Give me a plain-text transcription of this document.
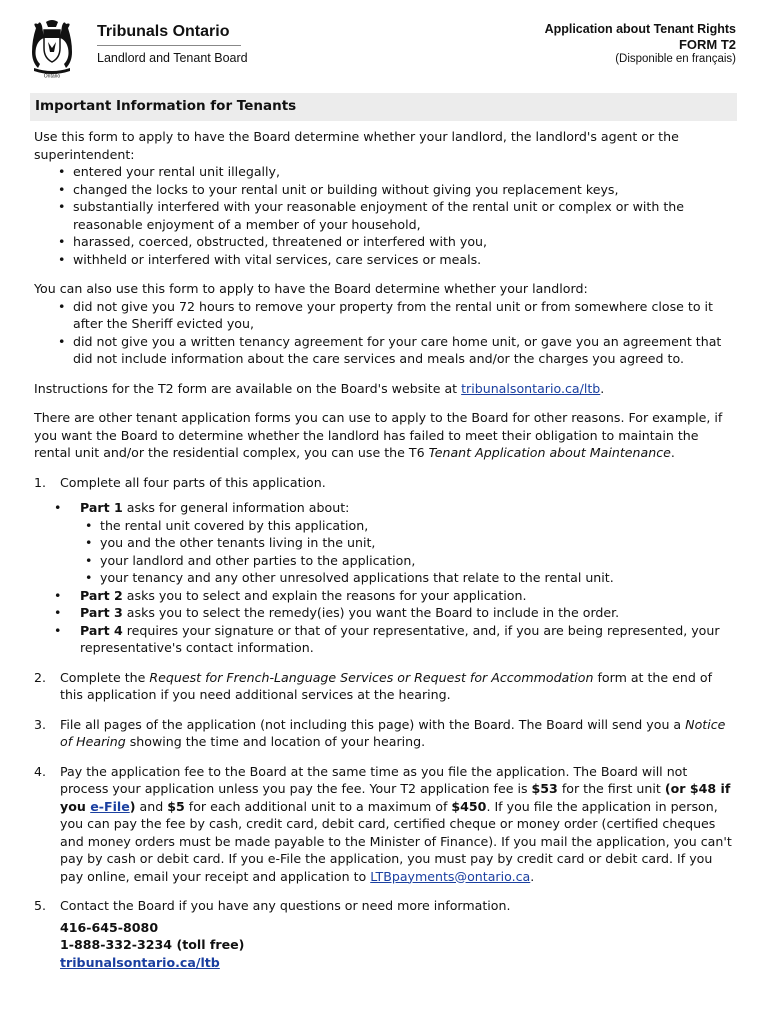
Ontario
Tribunals Ontario
Landlord and Tenant Board
Application about Tenant Rights
FORM T2
(Disponible en français)
Important Information for Tenants

Use this form to apply to have the Board determine whether your landlord, the landlord's agent or the superintendent:

• entered your rental unit illegally,
• changed the locks to your rental unit or building without giving you replacement keys,
• substantially interfered with your reasonable enjoyment of the rental unit or complex or with the reasonable enjoyment of a member of your household,
• harassed, coerced, obstructed, threatened or interfered with you,
• withheld or interfered with vital services, care services or meals.

You can also use this form to apply to have the Board determine whether your landlord:

• did not give you 72 hours to remove your property from the rental unit or from somewhere close to it after the Sheriff evicted you,
• did not give you a written tenancy agreement for your care home unit, or gave you an agreement that did not include information about the care services and meals and/or the charges you agreed to.

Instructions for the T2 form are available on the Board's website at tribunalsontario.ca/ltb.

There are other tenant application forms you can use to apply to the Board for other reasons. For example, if you want the Board to determine whether the landlord has failed to meet their obligation to maintain the rental unit and/or the residential complex, you can use the T6 Tenant Application about Maintenance.

1. Complete all four parts of this application.
• Part 1 asks for general information about:
• the rental unit covered by this application,
• you and the other tenants living in the unit,
• your landlord and other parties to the application,
• your tenancy and any other unresolved applications that relate to the rental unit.
• Part 2 asks you to select and explain the reasons for your application.
• Part 3 asks you to select the remedy(ies) you want the Board to include in the order.
• Part 4 requires your signature or that of your representative, and, if you are being represented, your representative's contact information.
2. Complete the Request for French-Language Services or Request for Accommodation form at the end of this application if you need additional services at the hearing.
3. File all pages of the application (not including this page) with the Board. The Board will send you a Notice of Hearing showing the time and location of your hearing.
4. Pay the application fee to the Board at the same time as you file the application. The Board will not process your application unless you pay the fee. Your T2 application fee is $53 for the first unit (or $48 if you e-File) and $5 for each additional unit to a maximum of $450. If you file the application in person, you can pay the fee by cash, credit card, debit card, certified cheque or money order (certified cheques and money orders must be made payable to the Minister of Finance). If you mail the application, you can't pay by cash or debit card. If you e-File the application, you must pay by credit card or debit card. If you pay online, email your receipt and application to LTBpayments@ontario.ca.
5. Contact the Board if you have any questions or need more information.
416-645-8080
1-888-332-3234 (toll free)
tribunalsontario.ca/ltb
